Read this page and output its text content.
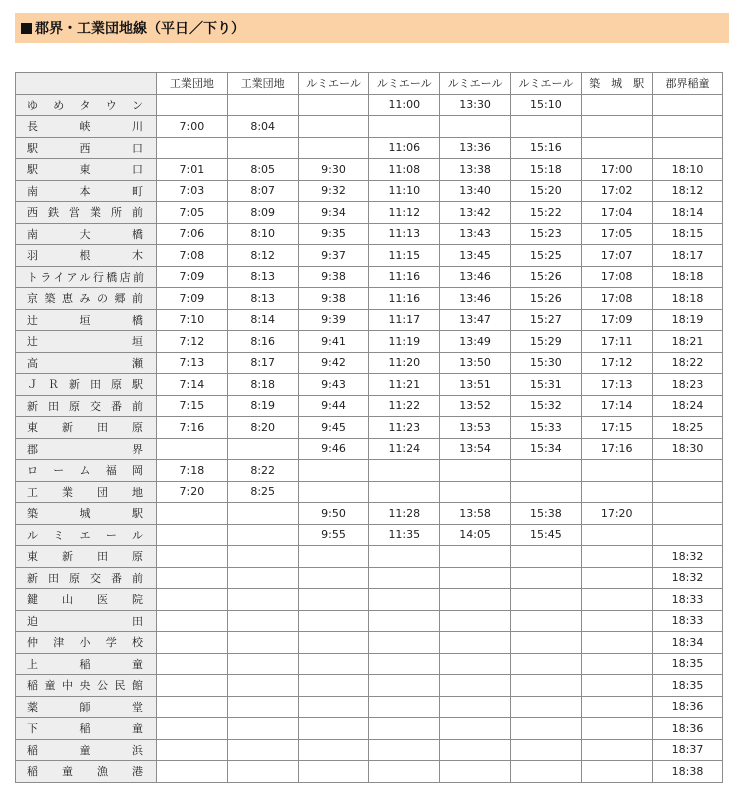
郡界・工業団地線（平日／下り）
	工業団地	工業団地	ルミエール	ルミエール	ルミエール	ルミエール	築　城　駅	郡界稲童
ゆめタウン				11:00	13:30	15:10		
長峡川	7:00	8:04						
駅西口				11:06	13:36	15:16		
駅東口	7:01	8:05	9:30	11:08	13:38	15:18	17:00	18:10
南本町	7:03	8:07	9:32	11:10	13:40	15:20	17:02	18:12
西鉄営業所前	7:05	8:09	9:34	11:12	13:42	15:22	17:04	18:14
南大橋	7:06	8:10	9:35	11:13	13:43	15:23	17:05	18:15
羽根木	7:08	8:12	9:37	11:15	13:45	15:25	17:07	18:17
トライアル行橋店前	7:09	8:13	9:38	11:16	13:46	15:26	17:08	18:18
京築恵みの郷前	7:09	8:13	9:38	11:16	13:46	15:26	17:08	18:18
辻垣橋	7:10	8:14	9:39	11:17	13:47	15:27	17:09	18:19
辻垣	7:12	8:16	9:41	11:19	13:49	15:29	17:11	18:21
高瀬	7:13	8:17	9:42	11:20	13:50	15:30	17:12	18:22
ＪＲ新田原駅	7:14	8:18	9:43	11:21	13:51	15:31	17:13	18:23
新田原交番前	7:15	8:19	9:44	11:22	13:52	15:32	17:14	18:24
東新田原	7:16	8:20	9:45	11:23	13:53	15:33	17:15	18:25
郡界			9:46	11:24	13:54	15:34	17:16	18:30
ローム福岡	7:18	8:22						
工業団地	7:20	8:25						
築城駅			9:50	11:28	13:58	15:38	17:20	
ルミエール			9:55	11:35	14:05	15:45		
東新田原								18:32
新田原交番前								18:32
鍵山医院								18:33
迫田								18:33
仲津小学校								18:34
上稲童								18:35
稲童中央公民館								18:35
薬師堂								18:36
下稲童								18:36
稲童浜								18:37
稲童漁港								18:38
